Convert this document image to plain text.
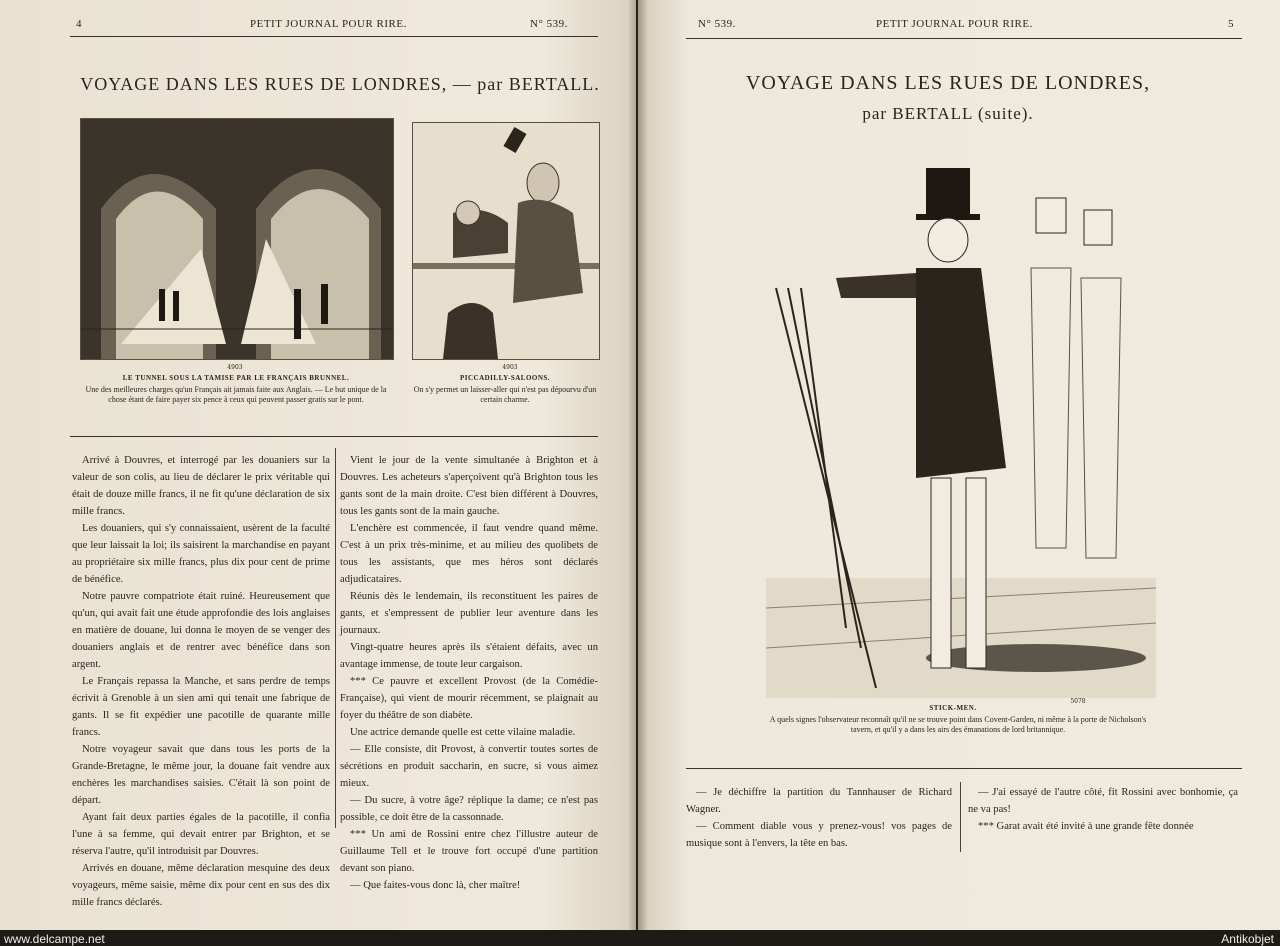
4	PETIT JOURNAL POUR RIRE.	N° 539.
VOYAGE DANS LES RUES DE LONDRES, — par BERTALL.
4903
LE TUNNEL SOUS LA TAMISE PAR LE FRANÇAIS BRUNNEL.
Une des meilleures charges qu'un Français ait jamais faite aux Anglais. — Le but unique de la chose étant de faire payer six pence à ceux qui peuvent passer gratis sur le pont.
4903
PICCADILLY-SALOONS.
On s'y permet un laisser-aller qui n'est pas dépourvu d'un certain charme.

Arrivé à Douvres, et interrogé par les douaniers sur la valeur de son colis, au lieu de déclarer le prix véritable qui était de douze mille francs, il ne fit qu'une déclaration de six mille francs.

Les douaniers, qui s'y connaissaient, usèrent de la faculté que leur laissait la loi; ils saisirent la marchandise en payant au propriétaire six mille francs, plus dix pour cent de prime de bénéfice.

Notre pauvre compatriote était ruiné. Heureusement que qu'un, qui avait fait une étude approfondie des lois anglaises en matière de douane, lui donna le moyen de se venger des douaniers anglais et de rentrer avec bénéfice dans son argent.

Le Français repassa la Manche, et sans perdre de temps écrivit à Grenoble à un sien ami qui tenait une fabrique de gants. Il se fit expédier une pacotille de quarante mille francs.

Notre voyageur savait que dans tous les ports de la Grande-Bretagne, le même jour, la douane fait vendre aux enchères les marchandises saisies. C'était là son point de départ.

Ayant fait deux parties égales de la pacotille, il confia l'une à sa femme, qui devait entrer par Brighton, et se réserva l'autre, qu'il introduisit par Douvres.

Arrivés en douane, même déclaration mesquine des deux voyageurs, même saisie, même dix pour cent en sus des dix mille francs déclarés.

Vient le jour de la vente simultanée à Brighton et à Douvres. Les acheteurs s'aperçoivent qu'à Brighton tous les gants sont de la main droite. C'est bien différent à Douvres, tous les gants sont de la main gauche.

L'enchère est commencée, il faut vendre quand même. C'est à un prix très-minime, et au milieu des quolibets de tous les assistants, que mes héros sont déclarés adjudicataires.

Réunis dès le lendemain, ils reconstituent les paires de gants, et s'empressent de publier leur aventure dans les journaux.

Vingt-quatre heures après ils s'étaient défaits, avec un avantage immense, de toute leur cargaison.

*** Ce pauvre et excellent Provost (de la Comédie-Française), qui vient de mourir récemment, se plaignait au foyer du théâtre de son diabète.

Une actrice demande quelle est cette vilaine maladie.

— Elle consiste, dit Provost, à convertir toutes sortes de sécrétions en produit saccharin, en sucre, si vous aimez mieux.

— Du sucre, à votre âge? réplique la dame; ce n'est pas possible, ce doit être de la cassonnade.

*** Un ami de Rossini entre chez l'illustre auteur de Guillaume Tell et le trouve fort occupé d'une partition devant son piano.

— Que faites-vous donc là, cher maître!

N° 539.	PETIT JOURNAL POUR RIRE.	5
VOYAGE DANS LES RUES DE LONDRES,
par BERTALL (suite).
5078
STICK-MEN.
A quels signes l'observateur reconnaît qu'il ne se trouve point dans Covent-Garden, ni même à la porte de Nicholson's tavern, et qu'il y a dans les airs des émanations de lord britannique.

— Je déchiffre la partition du Tannhauser de Richard Wagner.

— Comment diable vous y prenez-vous! vos pages de musique sont à l'envers, la tête en bas.

— J'ai essayé de l'autre côté, fit Rossini avec bonhomie, ça ne va pas!

*** Garat avait été invité à une grande fête donnée

www.delcampe.net	Antikobjet
